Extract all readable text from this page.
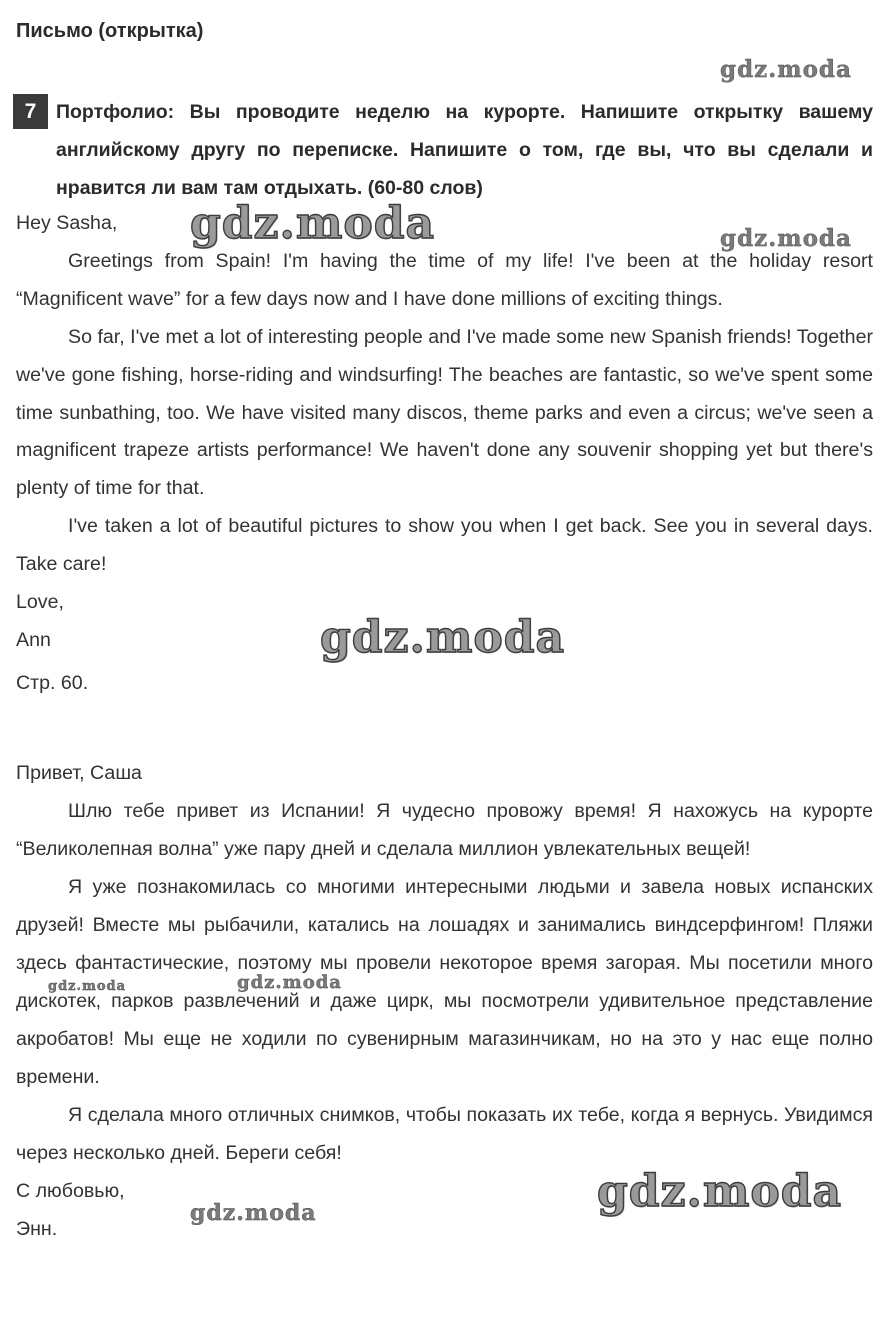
Письмо (открытка)
7	Портфолио: Вы проводите неделю на курорте. Напишите открытку вашему английскому другу по переписке. Напишите о том, где вы, что вы сделали и нравится ли вам там отдыхать. (60-80 слов)
Hey Sasha,
Greetings from Spain! I'm having the time of my life! I've been at the holiday resort “Magnificent wave” for a few days now and I have done millions of exciting things.
So far, I've met a lot of interesting people and I've made some new Spanish friends! Together we've gone fishing, horse-riding and windsurfing! The beaches are fantastic, so we've spent some time sunbathing, too. We have visited many discos, theme parks and even a circus; we've seen a magnificent trapeze artists performance! We haven't done any souvenir shopping yet but there's plenty of time for that.
I've taken a lot of beautiful pictures to show you when I get back. See you in several days. Take care!
Love,
Ann
Стр. 60.
Привет, Саша
Шлю тебе привет из Испании! Я чудесно провожу время! Я нахожусь на курорте “Великолепная волна” уже пару дней и сделала миллион увлекательных вещей!
Я уже познакомилась со многими интересными людьми и завела новых испанских друзей! Вместе мы рыбачили, катались на лошадях и занимались виндсерфингом! Пляжи здесь фантастические, поэтому мы провели некоторое время загорая. Мы посетили много дискотек, парков развлечений и даже цирк, мы посмотрели удивительное представление акробатов! Мы еще не ходили по сувенирным магазинчикам, но на это у нас еще полно времени.
Я сделала много отличных снимков, чтобы показать их тебе, когда я вернусь. Увидимся через несколько дней. Береги себя!
С любовью,
Энн.
gdz.moda
gdz.moda	gdz.moda
gdz.moda
gdz.moda	gdz.moda
gdz.moda
gdz.moda
